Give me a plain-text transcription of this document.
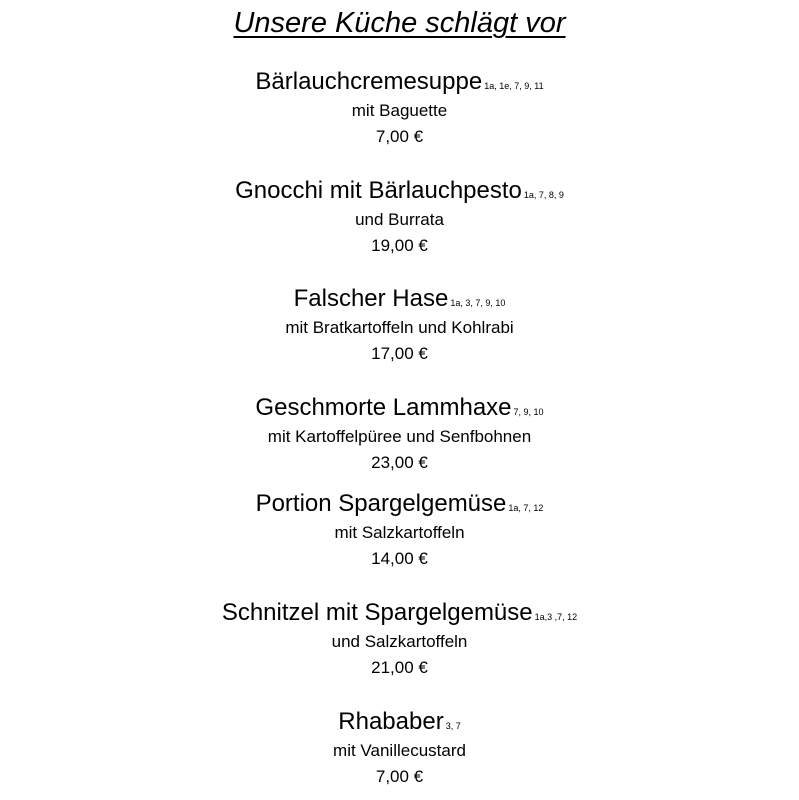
Unsere Küche schlägt vor
Bärlauchcremesuppe 1a, 1e, 7, 9, 11
mit Baguette
7,00 €
Gnocchi mit Bärlauchpesto 1a, 7, 8, 9
und Burrata
19,00 €
Falscher Hase 1a, 3, 7, 9, 10
mit Bratkartoffeln und Kohlrabi
17,00 €
Geschmorte Lammhaxe 7, 9, 10
mit Kartoffelpüree und Senfbohnen
23,00 €
Portion Spargelgemüse 1a, 7, 12
mit Salzkartoffeln
14,00 €
Schnitzel mit Spargelgemüse 1a,3 ,7, 12
und Salzkartoffeln
21,00 €
Rhababer 3, 7
mit Vanillecustard
7,00 €
